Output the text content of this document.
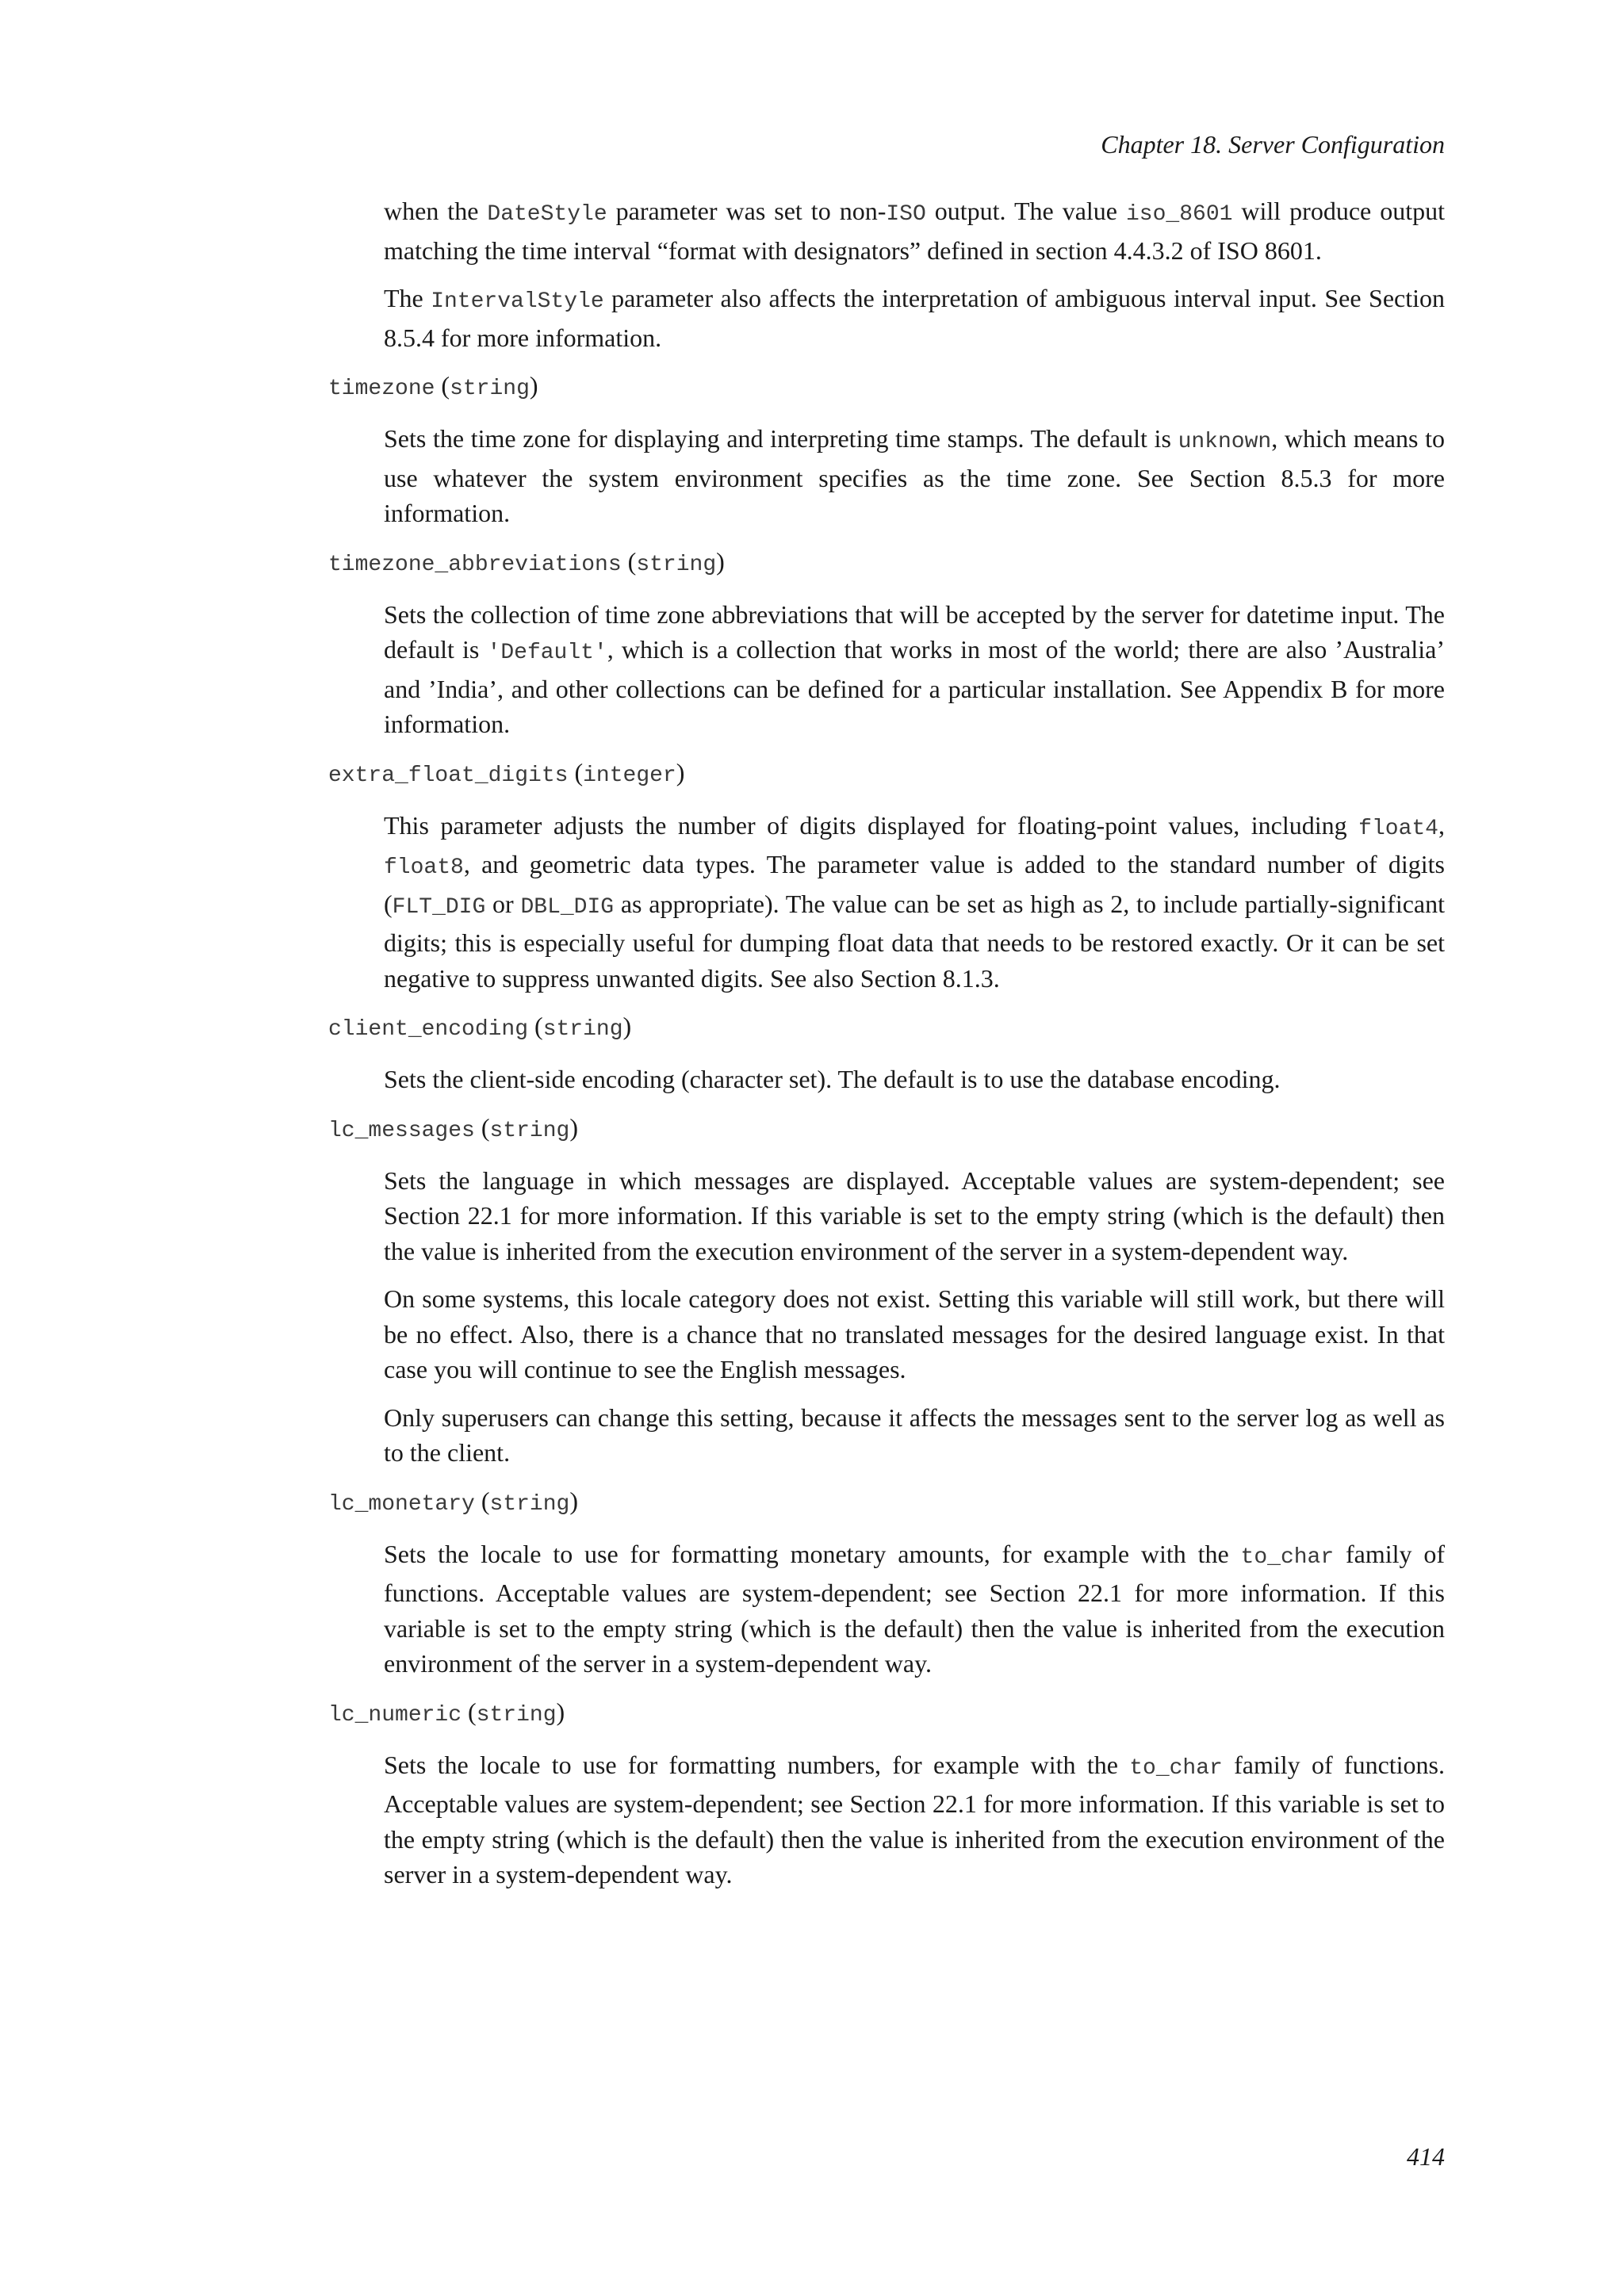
Chapter 18. Server Configuration

when the DateStyle parameter was set to non-ISO output. The value iso_8601 will produce output matching the time interval “format with designators” defined in section 4.4.3.2 of ISO 8601.

The IntervalStyle parameter also affects the interpretation of ambiguous interval input. See Section 8.5.4 for more information.

timezone (string)

Sets the time zone for displaying and interpreting time stamps. The default is unknown, which means to use whatever the system environment specifies as the time zone. See Section 8.5.3 for more information.

timezone_abbreviations (string)

Sets the collection of time zone abbreviations that will be accepted by the server for datetime input. The default is 'Default', which is a collection that works in most of the world; there are also ’Australia’ and ’India’, and other collections can be defined for a particular installation. See Appendix B for more information.

extra_float_digits (integer)

This parameter adjusts the number of digits displayed for floating-point values, including float4, float8, and geometric data types. The parameter value is added to the standard number of digits (FLT_DIG or DBL_DIG as appropriate). The value can be set as high as 2, to include partially-significant digits; this is especially useful for dumping float data that needs to be restored exactly. Or it can be set negative to suppress unwanted digits. See also Section 8.1.3.

client_encoding (string)

Sets the client-side encoding (character set). The default is to use the database encoding.

lc_messages (string)

Sets the language in which messages are displayed. Acceptable values are system-dependent; see Section 22.1 for more information. If this variable is set to the empty string (which is the default) then the value is inherited from the execution environment of the server in a system-dependent way.

On some systems, this locale category does not exist. Setting this variable will still work, but there will be no effect. Also, there is a chance that no translated messages for the desired language exist. In that case you will continue to see the English messages.

Only superusers can change this setting, because it affects the messages sent to the server log as well as to the client.

lc_monetary (string)

Sets the locale to use for formatting monetary amounts, for example with the to_char family of functions. Acceptable values are system-dependent; see Section 22.1 for more information. If this variable is set to the empty string (which is the default) then the value is inherited from the execution environment of the server in a system-dependent way.

lc_numeric (string)

Sets the locale to use for formatting numbers, for example with the to_char family of functions. Acceptable values are system-dependent; see Section 22.1 for more information. If this variable is set to the empty string (which is the default) then the value is inherited from the execution environment of the server in a system-dependent way.

414
